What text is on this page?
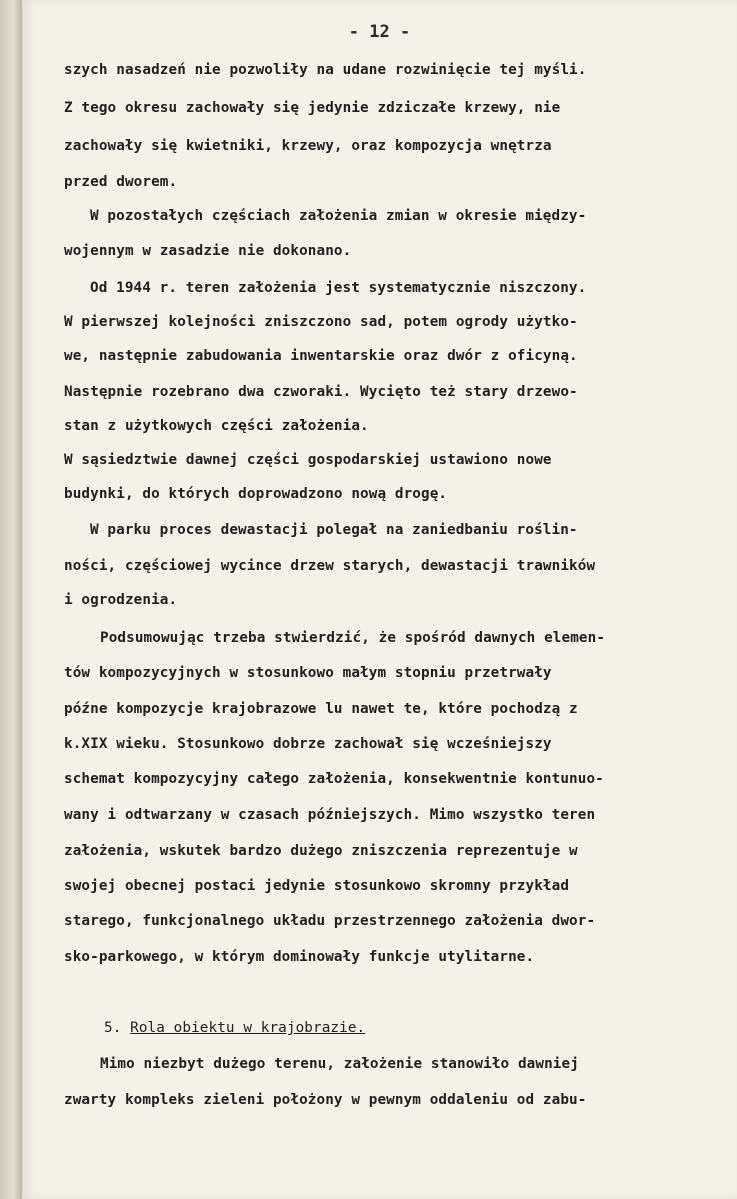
- 12 -
szych nasadzeń nie pozwoliły na udane rozwinięcie tej myśli.
Z tego okresu zachowały się jedynie zdziczałe krzewy, nie
zachowały się kwietniki, krzewy, oraz kompozycja wnętrza
przed dworem.
W pozostałych częściach założenia zmian w okresie między-
wojennym w zasadzie nie dokonano.
Od 1944 r. teren założenia jest systematycznie niszczony.
W pierwszej kolejności zniszczono sad, potem ogrody użytko-
we, następnie zabudowania inwentarskie oraz dwór z oficyną.
Następnie rozebrano dwa czworaki. Wycięto też stary drzewo-
stan z użytkowych części założenia.
W sąsiedztwie dawnej części gospodarskiej ustawiono nowe
budynki, do których doprowadzono nową drogę.
W parku proces dewastacji polegał na zaniedbaniu roślin-
ności, częściowej wycince drzew starych, dewastacji trawników
i ogrodzenia.
Podsumowując trzeba stwierdzić, że spośród dawnych elemen-
tów kompozycyjnych w stosunkowo małym stopniu przetrwały
późne kompozycje krajobrazowe lu nawet te, które pochodzą z
k.XIX wieku. Stosunkowo dobrze zachował się wcześniejszy
schemat kompozycyjny całego założenia, konsekwentnie kontunuo-
wany i odtwarzany w czasach późniejszych. Mimo wszystko teren
założenia, wskutek bardzo dużego zniszczenia reprezentuje w
swojej obecnej postaci jedynie stosunkowo skromny przykład
starego, funkcjonalnego układu przestrzennego założenia dwor-
sko-parkowego, w którym dominowały funkcje utylitarne.
5. Rola obiektu w krajobrazie.
Mimo niezbyt dużego terenu, założenie stanowiło dawniej
zwarty kompleks zieleni położony w pewnym oddaleniu od zabu-
